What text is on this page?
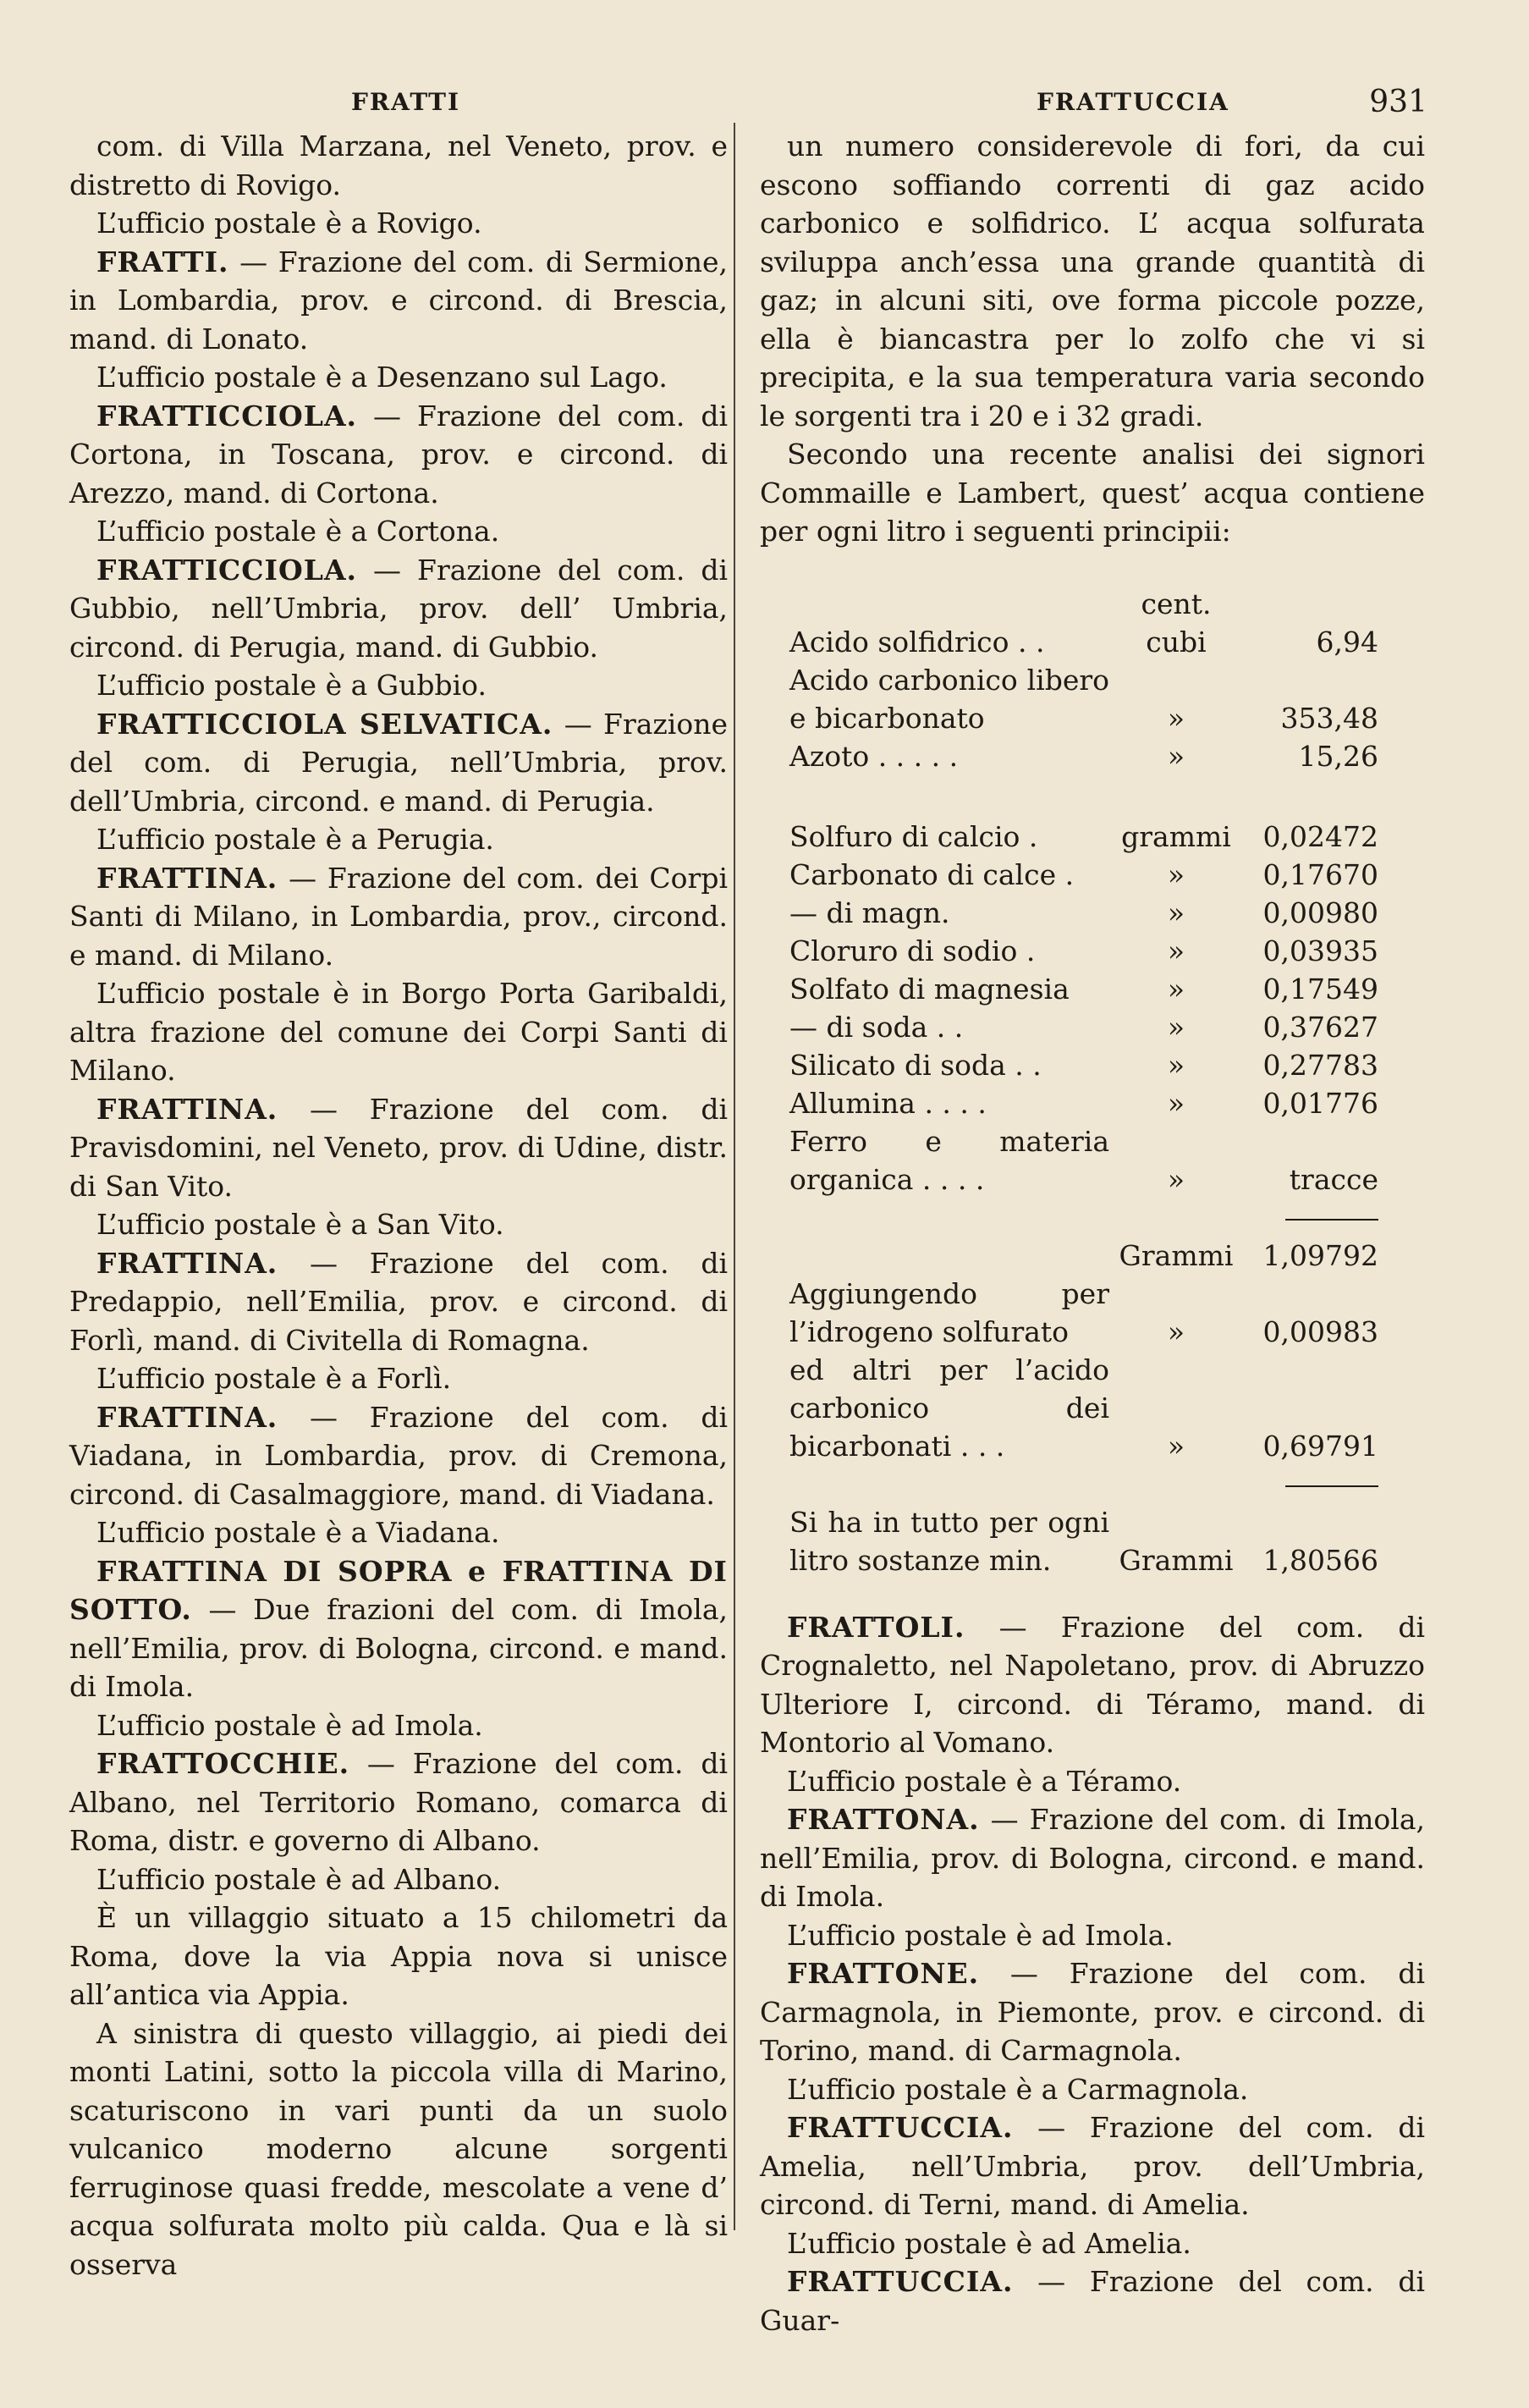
FRATTI	FRATTUCCIA	931

com. di Villa Marzana, nel Veneto, prov. e distretto di Rovigo.

L’ufficio postale è a Rovigo.

FRATTI. — Frazione del com. di Sermione, in Lombardia, prov. e circond. di Brescia, mand. di Lonato.

L’ufficio postale è a Desenzano sul Lago.

FRATTICCIOLA. — Frazione del com. di Cortona, in Toscana, prov. e circond. di Arezzo, mand. di Cortona.

L’ufficio postale è a Cortona.

FRATTICCIOLA. — Frazione del com. di Gubbio, nell’Umbria, prov. dell’ Umbria, circond. di Perugia, mand. di Gubbio.

L’ufficio postale è a Gubbio.

FRATTICCIOLA SELVATICA. — Frazione del com. di Perugia, nell’Umbria, prov. dell’Umbria, circond. e mand. di Perugia.

L’ufficio postale è a Perugia.

FRATTINA. — Frazione del com. dei Corpi Santi di Milano, in Lombardia, prov., circond. e mand. di Milano.

L’ufficio postale è in Borgo Porta Garibaldi, altra frazione del comune dei Corpi Santi di Milano.

FRATTINA. — Frazione del com. di Pravisdomini, nel Veneto, prov. di Udine, distr. di San Vito.

L’ufficio postale è a San Vito.

FRATTINA. — Frazione del com. di Predappio, nell’Emilia, prov. e circond. di Forlì, mand. di Civitella di Romagna.

L’ufficio postale è a Forlì.

FRATTINA. — Frazione del com. di Viadana, in Lombardia, prov. di Cremona, circond. di Casalmaggiore, mand. di Viadana.

L’ufficio postale è a Viadana.

FRATTINA DI SOPRA e FRATTINA DI SOTTO. — Due frazioni del com. di Imola, nell’Emilia, prov. di Bologna, circond. e mand. di Imola.

L’ufficio postale è ad Imola.

FRATTOCCHIE. — Frazione del com. di Albano, nel Territorio Romano, comarca di Roma, distr. e governo di Albano.

L’ufficio postale è ad Albano.

È un villaggio situato a 15 chilometri da Roma, dove la via Appia nova si unisce all’antica via Appia.

A sinistra di questo villaggio, ai piedi dei monti Latini, sotto la piccola villa di Marino, scaturiscono in vari punti da un suolo vulcanico moderno alcune sorgenti ferruginose quasi fredde, mescolate a vene d’ acqua solfurata molto più calda. Qua e là si osserva

un numero considerevole di fori, da cui escono soffiando correnti di gaz acido carbonico e solfidrico. L’ acqua solfurata sviluppa anch’essa una grande quantità di gaz; in alcuni siti, ove forma piccole pozze, ella è biancastra per lo zolfo che vi si precipita, e la sua temperatura varia secondo le sorgenti tra i 20 e i 32 gradi.

Secondo una recente analisi dei signori Commaille e Lambert, quest’ acqua contiene per ogni litro i seguenti principii:

Acido solfidrico . .	cent. cubi	6,94
Acido carbonico libero e bicarbonato	»	353,48
Azoto . . . . .	»	15,26

Solfuro di calcio .	grammi	0,02472
Carbonato di calce .	»	0,17670
— di magn.	»	0,00980
Cloruro di sodio .	»	0,03935
Solfato di magnesia	»	0,17549
— di soda . .	»	0,37627
Silicato di soda . .	»	0,27783
Allumina . . . .	»	0,01776
Ferro e materia organica . . . .	»	tracce

	Grammi	1,09792
Aggiungendo per l’idrogeno solfurato	»	0,00983
ed altri per l’acido carbonico dei bicarbonati . . .	»	0,69791

Si ha in tutto per ogni litro sostanze min.	Grammi	1,80566

FRATTOLI. — Frazione del com. di Crognaletto, nel Napoletano, prov. di Abruzzo Ulteriore I, circond. di Téramo, mand. di Montorio al Vomano.

L’ufficio postale è a Téramo.

FRATTONA. — Frazione del com. di Imola, nell’Emilia, prov. di Bologna, circond. e mand. di Imola.

L’ufficio postale è ad Imola.

FRATTONE. — Frazione del com. di Carmagnola, in Piemonte, prov. e circond. di Torino, mand. di Carmagnola.

L’ufficio postale è a Carmagnola.

FRATTUCCIA. — Frazione del com. di Amelia, nell’Umbria, prov. dell’Umbria, circond. di Terni, mand. di Amelia.

L’ufficio postale è ad Amelia.

FRATTUCCIA. — Frazione del com. di Guar-
